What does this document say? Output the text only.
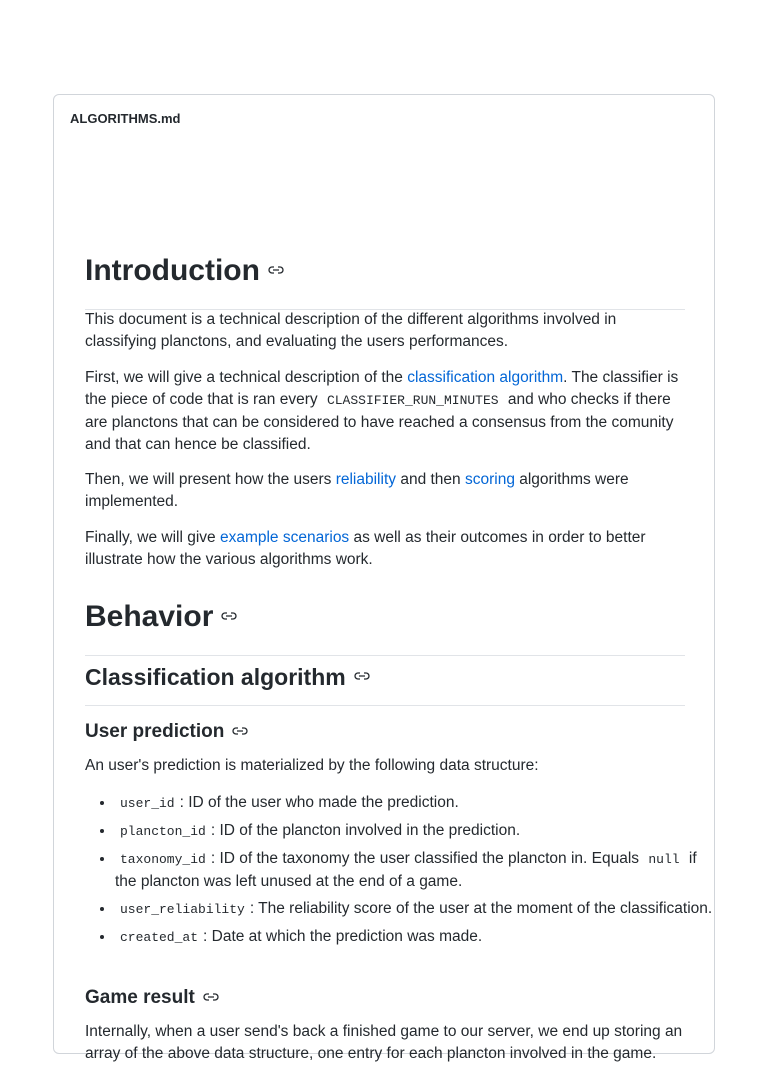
ALGORITHMS.md
Introduction

This document is a technical description of the different algorithms involved in classifying planctons, and evaluating the users performances.

First, we will give a technical description of the classification algorithm. The classifier is the piece of code that is ran every CLASSIFIER_RUN_MINUTES and who checks if there are planctons that can be considered to have reached a consensus from the comunity and that can hence be classified.

Then, we will present how the users reliability and then scoring algorithms were implemented.

Finally, we will give example scenarios as well as their outcomes in order to better illustrate how the various algorithms work.

Behavior
Classification algorithm
User prediction

An user's prediction is materialized by the following data structure:

• user_id : ID of the user who made the prediction.
• plancton_id : ID of the plancton involved in the prediction.
• taxonomy_id : ID of the taxonomy the user classified the plancton in. Equals null if the plancton was left unused at the end of a game.
• user_reliability : The reliability score of the user at the moment of the classification.
• created_at : Date at which the prediction was made.
Game result

Internally, when a user send's back a finished game to our server, we end up storing an array of the above data structure, one entry for each plancton involved in the game.
